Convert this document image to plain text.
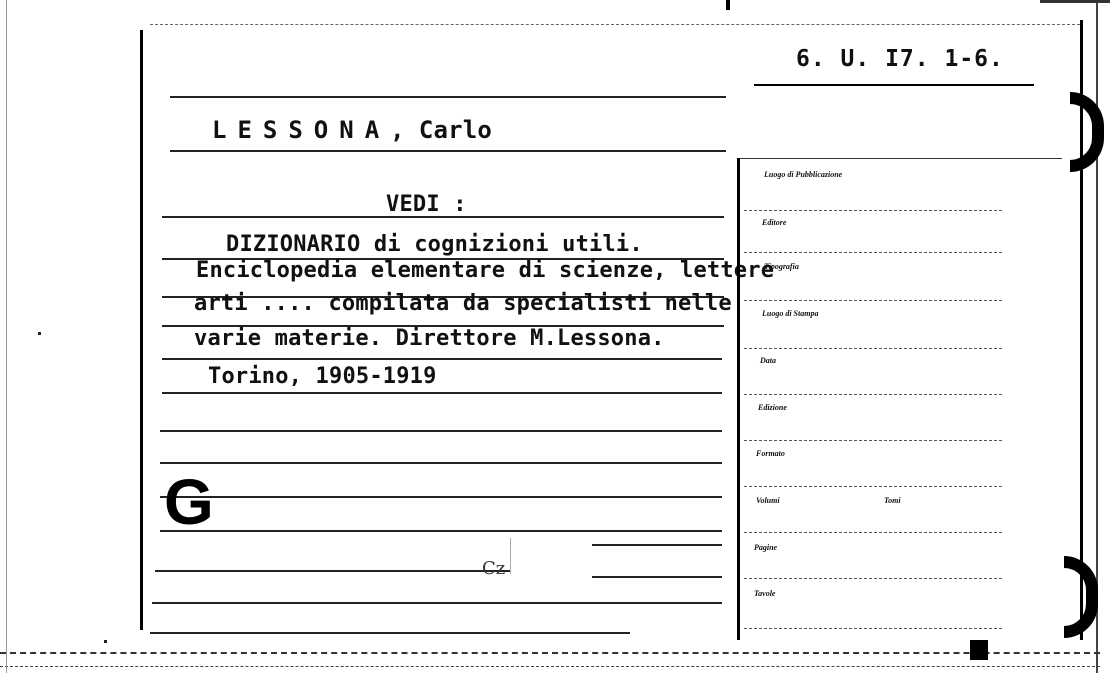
6. U. I7. 1-6.
LESSONA, Carlo
VEDI :
DIZIONARIO di cognizioni utili.
Enciclopedia elementare di scienze, lettere
arti .... compilata da specialisti nelle
varie materie. Direttore M.Lessona.
Torino, 1905-1919
G
Cz
Luogo di Pubblicazione
Editore
Tipografia
Luogo di Stampa
Data
Edizione
Formato
Volumi	Tomi
Pagine
Tavole
